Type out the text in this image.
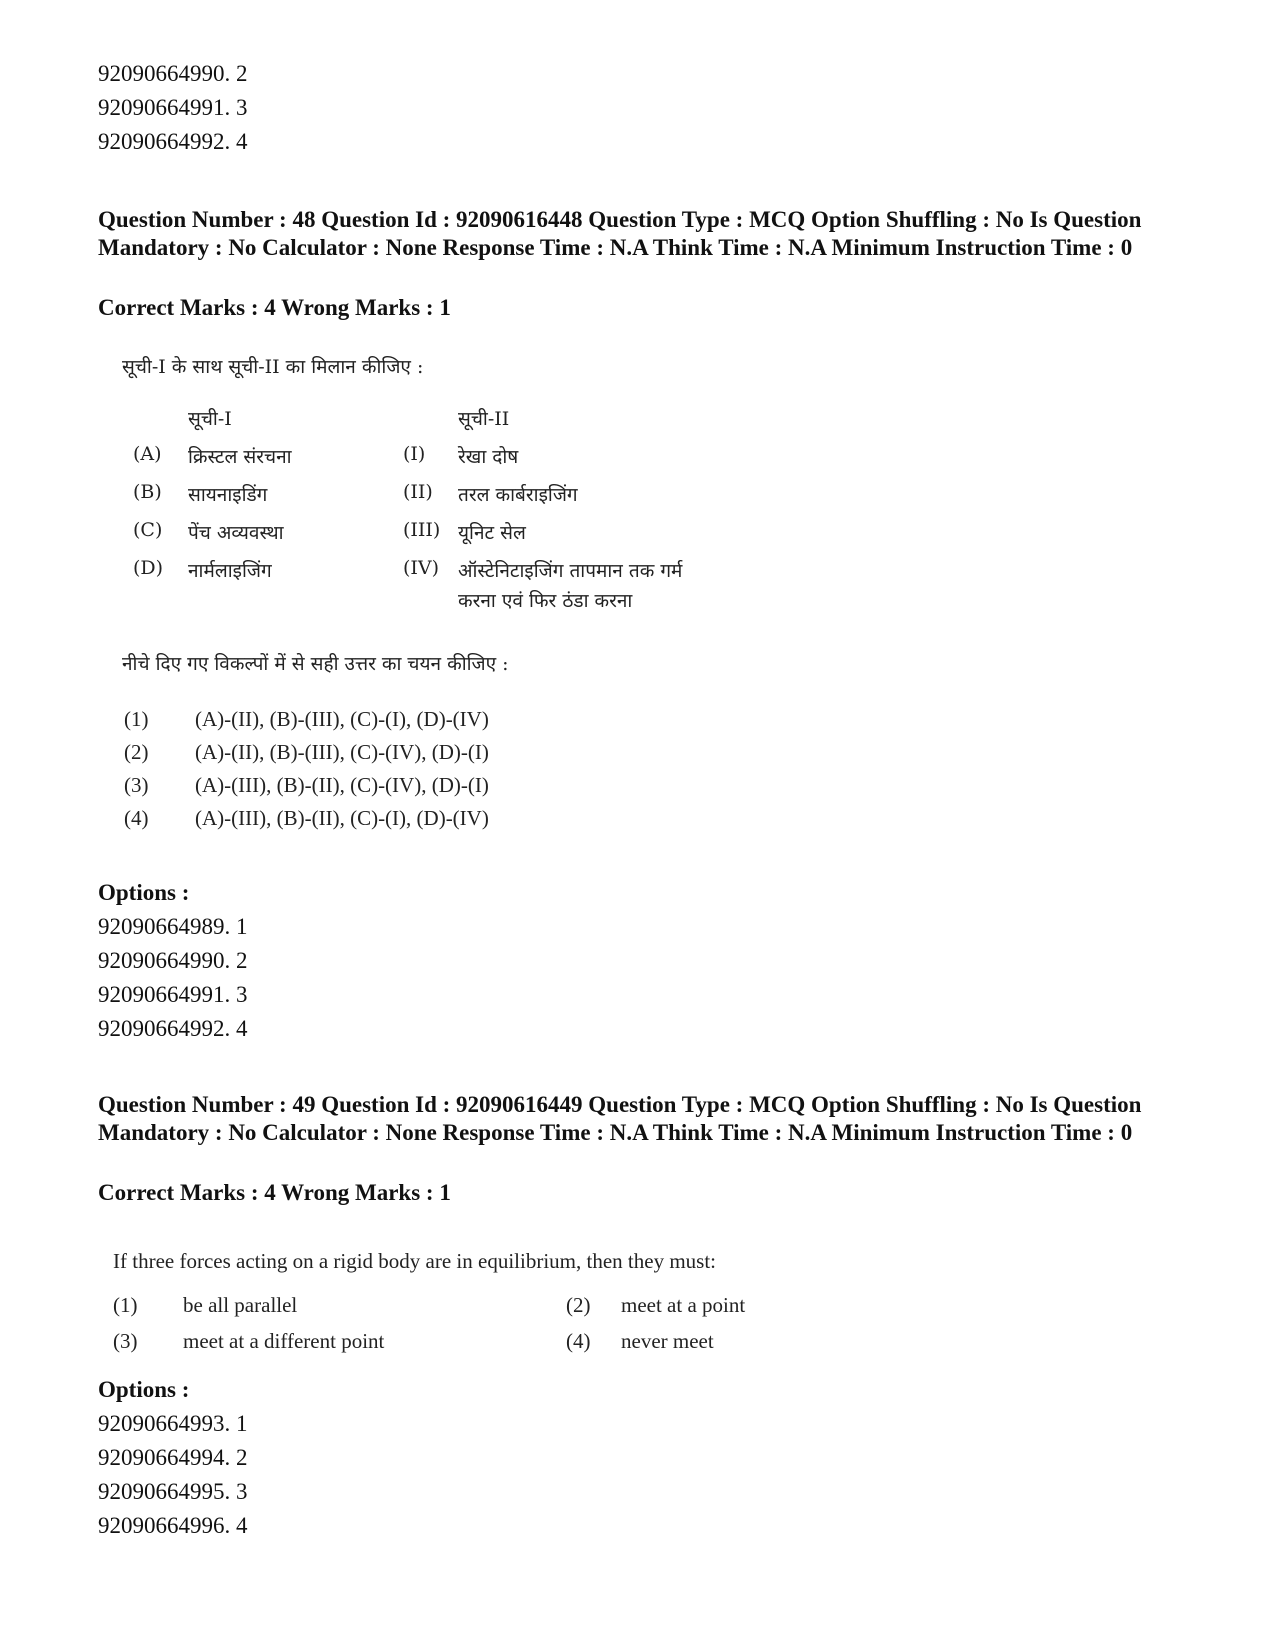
92090664990. 2
92090664991. 3
92090664992. 4
Question Number : 48 Question Id : 92090616448 Question Type : MCQ Option Shuffling : No Is Question Mandatory : No Calculator : None Response Time : N.A Think Time : N.A Minimum Instruction Time : 0
Correct Marks : 4 Wrong Marks : 1
सूची-I के साथ सूची-II का मिलान कीजिए :
सूची-I	सूची-II
(A) क्रिस्टल संरचना	(I) रेखा दोष
(B) सायनाइडिंग	(II) तरल कार्बराइजिंग
(C) पेंच अव्यवस्था	(III) यूनिट सेल
(D) नार्मलाइजिंग	(IV) ऑस्टेनिटाइजिंग तापमान तक गर्म
करना एवं फिर ठंडा करना
नीचे दिए गए विकल्पों में से सही उत्तर का चयन कीजिए :
(1) (A)-(II), (B)-(III), (C)-(I), (D)-(IV)
(2) (A)-(II), (B)-(III), (C)-(IV), (D)-(I)
(3) (A)-(III), (B)-(II), (C)-(IV), (D)-(I)
(4) (A)-(III), (B)-(II), (C)-(I), (D)-(IV)
Options :
92090664989. 1
92090664990. 2
92090664991. 3
92090664992. 4
Question Number : 49 Question Id : 92090616449 Question Type : MCQ Option Shuffling : No Is Question Mandatory : No Calculator : None Response Time : N.A Think Time : N.A Minimum Instruction Time : 0
Correct Marks : 4 Wrong Marks : 1
If three forces acting on a rigid body are in equilibrium, then they must:
(1) be all parallel	(2) meet at a point
(3) meet at a different point	(4) never meet
Options :
92090664993. 1
92090664994. 2
92090664995. 3
92090664996. 4
